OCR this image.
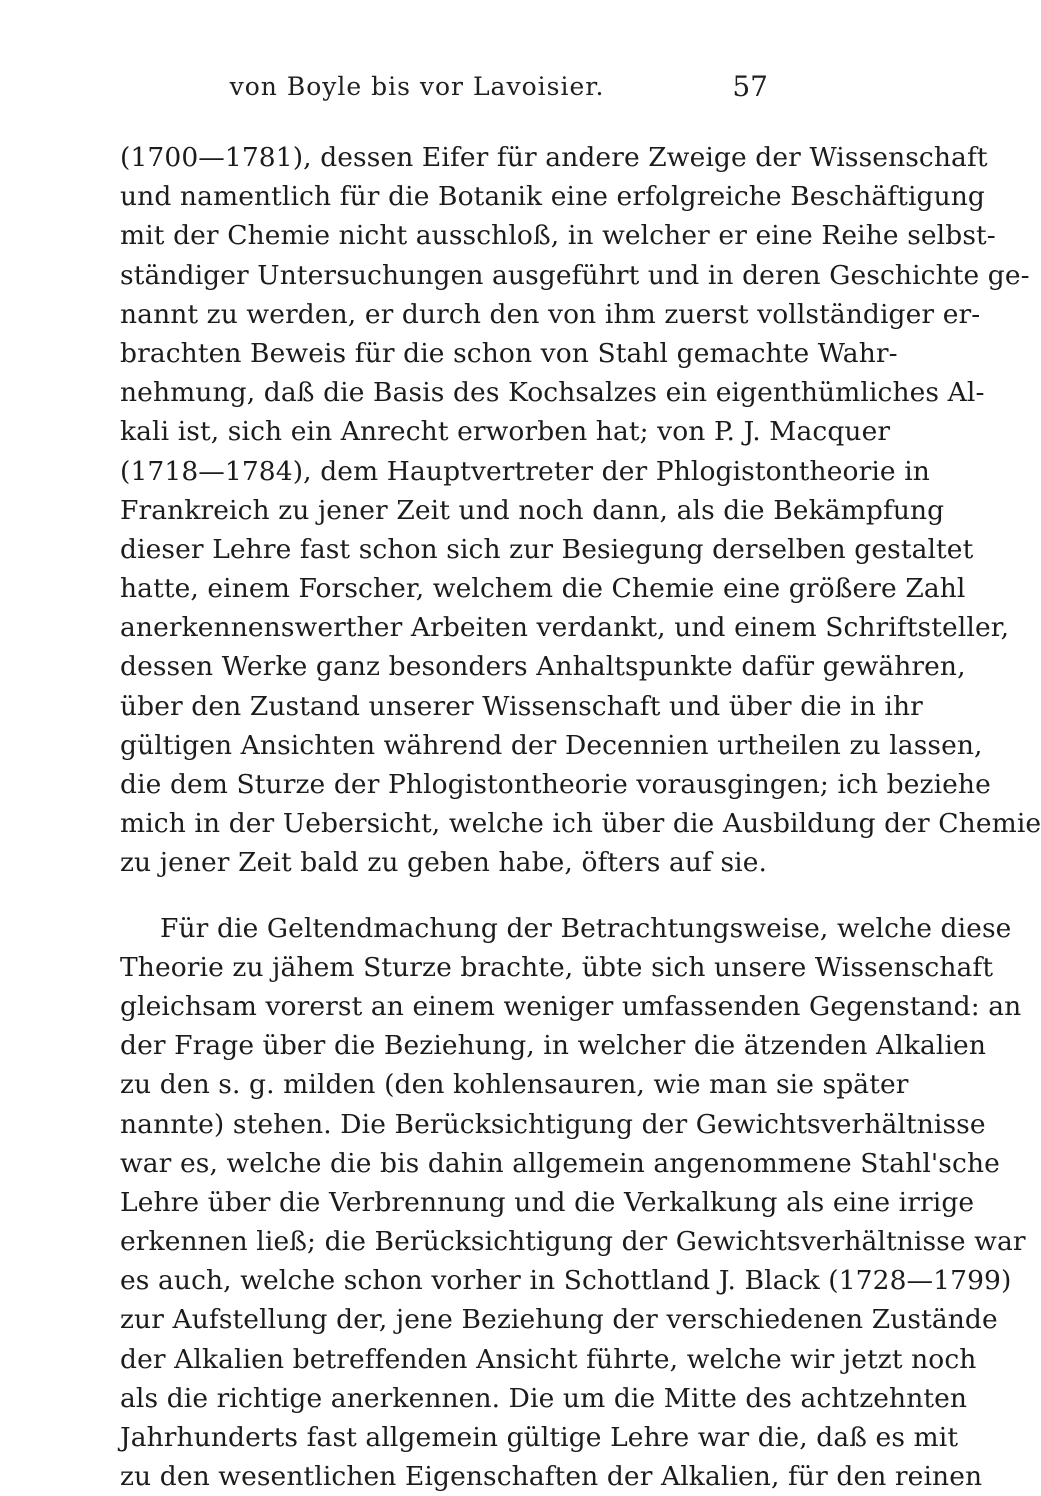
von Boyle bis vor Lavoisier.	57
(1700—1781), dessen Eifer für andere Zweige der Wissenschaft
und namentlich für die Botanik eine erfolgreiche Beschäftigung
mit der Chemie nicht ausschloß, in welcher er eine Reihe selbst-
ständiger Untersuchungen ausgeführt und in deren Geschichte ge-
nannt zu werden, er durch den von ihm zuerst vollständiger er-
brachten Beweis für die schon von Stahl gemachte Wahr-
nehmung, daß die Basis des Kochsalzes ein eigenthümliches Al-
kali ist, sich ein Anrecht erworben hat; von P. J. Macquer
(1718—1784), dem Hauptvertreter der Phlogistontheorie in
Frankreich zu jener Zeit und noch dann, als die Bekämpfung
dieser Lehre fast schon sich zur Besiegung derselben gestaltet
hatte, einem Forscher, welchem die Chemie eine größere Zahl
anerkennenswerther Arbeiten verdankt, und einem Schriftsteller,
dessen Werke ganz besonders Anhaltspunkte dafür gewähren,
über den Zustand unserer Wissenschaft und über die in ihr
gültigen Ansichten während der Decennien urtheilen zu lassen,
die dem Sturze der Phlogistontheorie vorausgingen; ich beziehe
mich in der Uebersicht, welche ich über die Ausbildung der Chemie
zu jener Zeit bald zu geben habe, öfters auf sie.
Für die Geltendmachung der Betrachtungsweise, welche diese
Theorie zu jähem Sturze brachte, übte sich unsere Wissenschaft
gleichsam vorerst an einem weniger umfassenden Gegenstand: an
der Frage über die Beziehung, in welcher die ätzenden Alkalien
zu den s. g. milden (den kohlensauren, wie man sie später
nannte) stehen. Die Berücksichtigung der Gewichtsverhältnisse
war es, welche die bis dahin allgemein angenommene Stahl'sche
Lehre über die Verbrennung und die Verkalkung als eine irrige
erkennen ließ; die Berücksichtigung der Gewichtsverhältnisse war
es auch, welche schon vorher in Schottland J. Black (1728—1799)
zur Aufstellung der, jene Beziehung der verschiedenen Zustände
der Alkalien betreffenden Ansicht führte, welche wir jetzt noch
als die richtige anerkennen. Die um die Mitte des achtzehnten
Jahrhunderts fast allgemein gültige Lehre war die, daß es mit
zu den wesentlichen Eigenschaften der Alkalien, für den reinen
